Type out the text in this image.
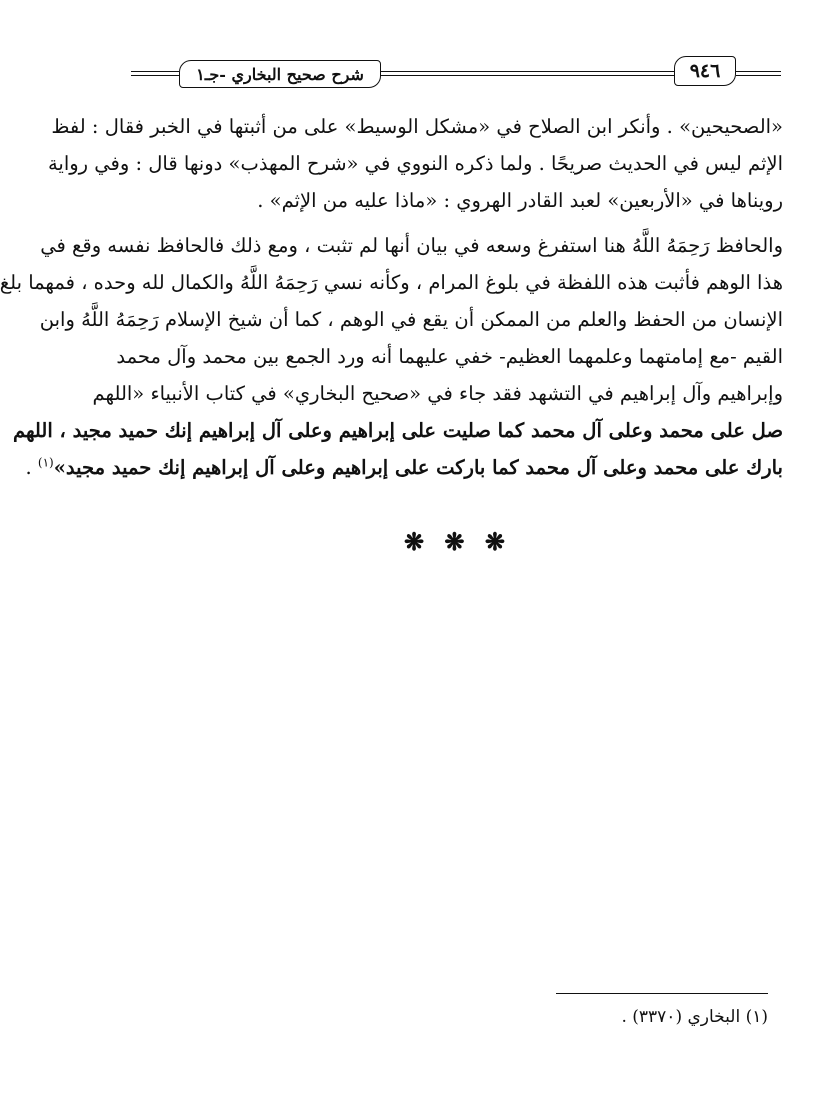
٩٤٦
شرح صحيح البخاري -جـ١

«الصحيحين» . وأنكر ابن الصلاح في «مشكل الوسيط» على من أثبتها في الخبر فقال : لفظ
الإثم ليس في الحديث صريحًا . ولما ذكره النووي في «شرح المهذب» دونها قال : وفي رواية
رويناها في «الأربعين» لعبد القادر الهروي : «ماذا عليه من الإثم» .

والحافظ رَحِمَهُ اللَّهُ هنا استفرغ وسعه في بيان أنها لم تثبت ، ومع ذلك فالحافظ نفسه وقع في
هذا الوهم فأثبت هذه اللفظة في بلوغ المرام ، وكأنه نسي رَحِمَهُ اللَّهُ والكمال لله وحده ، فمهما بلغ
الإنسان من الحفظ والعلم من الممكن أن يقع في الوهم ، كما أن شيخ الإسلام رَحِمَهُ اللَّهُ وابن
القيم -مع إمامتهما وعلمهما العظيم- خفي عليهما أنه ورد الجمع بين محمد وآل محمد
وإبراهيم وآل إبراهيم في التشهد فقد جاء في «صحيح البخاري» في كتاب الأنبياء «اللهم
صل على محمد وعلى آل محمد كما صليت على إبراهيم وعلى آل إبراهيم إنك حميد مجيد ، اللهم
بارك على محمد وعلى آل محمد كما باركت على إبراهيم وعلى آل إبراهيم إنك حميد مجيد»$^{(١)}$ .

❋ ❋ ❋
(١) البخاري (٣٣٧٠) .
